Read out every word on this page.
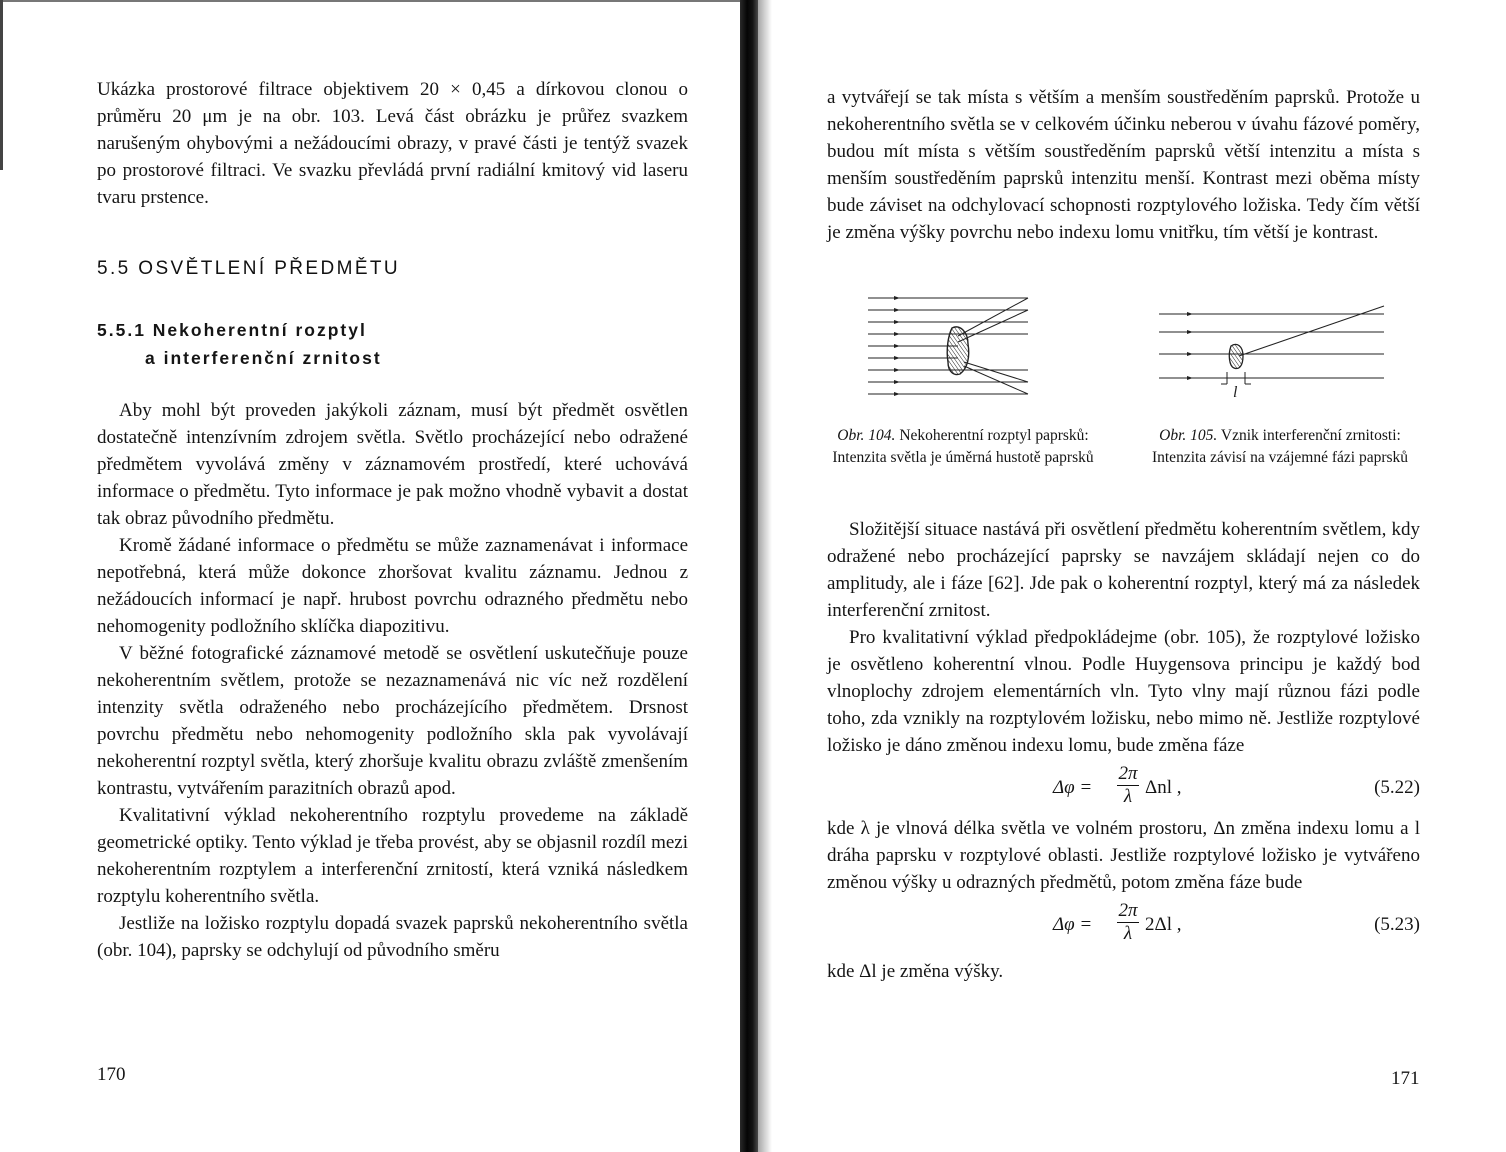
Ukázka prostorové filtrace objektivem 20 × 0,45 a dírkovou clonou o průměru 20 μm je na obr. 103. Levá část obrázku je průřez svazkem narušeným ohybovými a nežádoucími obrazy, v pravé části je tentýž svazek po prostorové filtraci. Ve svazku převládá první radiální kmitový vid laseru tvaru prstence.

5.5 OSVĚTLENÍ PŘEDMĚTU
5.5.1 Nekoherentní rozptyl
a interferenční zrnitost

Aby mohl být proveden jakýkoli záznam, musí být předmět osvětlen dostatečně intenzívním zdrojem světla. Světlo procházející nebo odražené předmětem vyvolává změny v záznamovém prostředí, které uchovává informace o předmětu. Tyto informace je pak možno vhodně vybavit a dostat tak obraz původního předmětu.

Kromě žádané informace o předmětu se může zaznamenávat i informace nepotřebná, která může dokonce zhoršovat kvalitu záznamu. Jednou z nežádoucích informací je např. hrubost povrchu odrazného předmětu nebo nehomogenity podložního sklíčka diapozitivu.

V běžné fotografické záznamové metodě se osvětlení uskutečňuje pouze nekoherentním světlem, protože se nezaznamenává nic víc než rozdělení intenzity světla odraženého nebo procházejícího předmětem. Drsnost povrchu předmětu nebo nehomogenity podložního skla pak vyvolávají nekoherentní rozptyl světla, který zhoršuje kvalitu obrazu zvláště zmenšením kontrastu, vytvářením parazitních obrazů apod.

Kvalitativní výklad nekoherentního rozptylu provedeme na základě geometrické optiky. Tento výklad je třeba provést, aby se objasnil rozdíl mezi nekoherentním rozptylem a interferenční zrnitostí, která vzniká následkem rozptylu koherentního světla.

Jestliže na ložisko rozptylu dopadá svazek paprsků nekoherentního světla (obr. 104), paprsky se odchylují od původního směru

170

a vytvářejí se tak místa s větším a menším soustředěním paprsků. Protože u nekoherentního světla se v celkovém účinku neberou v úvahu fázové poměry, budou mít místa s větším soustředěním paprsků větší intenzitu a místa s menším soustředěním paprsků intenzitu menší. Kontrast mezi oběma místy bude záviset na odchylovací schopnosti rozptylového ložiska. Tedy čím větší je změna výšky povrchu nebo indexu lomu vnitřku, tím větší je kontrast.

l
Obr. 104. Nekoherentní rozptyl paprsků: Intenzita světla je úměrná hustotě paprsků
Obr. 105. Vznik interferenční zrnitosti: Intenzita závisí na vzájemné fázi paprsků

Složitější situace nastává při osvětlení předmětu koherentním světlem, kdy odražené nebo procházející paprsky se navzájem skládají nejen co do amplitudy, ale i fáze [62]. Jde pak o koherentní rozptyl, který má za následek interferenční zrnitost.

Pro kvalitativní výklad předpokládejme (obr. 105), že rozptylové ložisko je osvětleno koherentní vlnou. Podle Huygensova principu je každý bod vlnoplochy zdrojem elementárních vln. Tyto vlny mají různou fázi podle toho, zda vznikly na rozptylovém ložisku, nebo mimo ně. Jestliže rozptylové ložisko je dáno změnou indexu lomu, bude změna fáze

$\Delta\varphi = \frac{2\pi}{\lambda}$ Δnl ,	(5.22)

kde λ je vlnová délka světla ve volném prostoru, Δn změna indexu lomu a l dráha paprsku v rozptylové oblasti. Jestliže rozptylové ložisko je vytvářeno změnou výšky u odrazných předmětů, potom změna fáze bude

$\Delta\varphi = \frac{2\pi}{\lambda} 2\Delta l$ ,	(5.23)

kde Δl je změna výšky.

171
